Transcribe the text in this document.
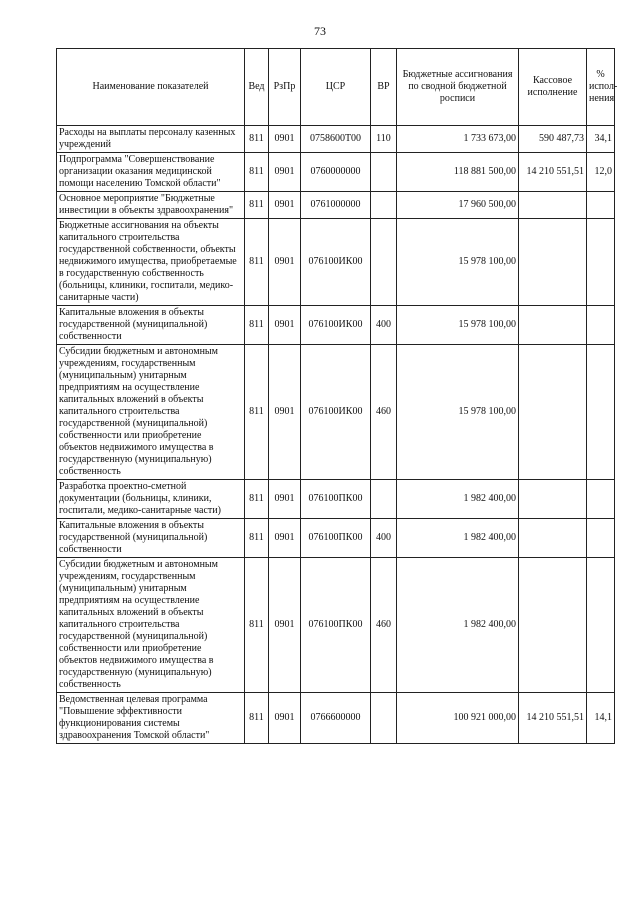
73
Наименование показателей	Вед	РзПр	ЦСР	ВР	Бюджетные ассигнования по сводной бюджетной росписи	Кассовое исполнение	% испол- нения
Расходы на выплаты персоналу казенных учреждений	811	0901	0758600Т00	110	1 733 673,00	590 487,73	34,1
Подпрограмма "Совершенствование организации оказания медицинской помощи населению Томской области"	811	0901	0760000000		118 881 500,00	14 210 551,51	12,0
Основное мероприятие "Бюджетные инвестиции в объекты здравоохранения"	811	0901	0761000000		17 960 500,00		
Бюджетные ассигнования на объекты капитального строительства государственной собственности, объекты недвижимого имущества, приобретаемые в государственную собственность (больницы, клиники, госпитали, медико-санитарные части)	811	0901	076100ИК00		15 978 100,00		
Капитальные вложения в объекты государственной (муниципальной) собственности	811	0901	076100ИК00	400	15 978 100,00		
Субсидии бюджетным и автономным учреждениям, государственным (муниципальным) унитарным предприятиям на осуществление капитальных вложений в объекты капитального строительства государственной (муниципальной) собственности или приобретение объектов недвижимого имущества в государственную (муниципальную) собственность	811	0901	076100ИК00	460	15 978 100,00		
Разработка проектно-сметной документации (больницы, клиники, госпитали, медико-санитарные части)	811	0901	076100ПК00		1 982 400,00		
Капитальные вложения в объекты государственной (муниципальной) собственности	811	0901	076100ПК00	400	1 982 400,00		
Субсидии бюджетным и автономным учреждениям, государственным (муниципальным) унитарным предприятиям на осуществление капитальных вложений в объекты капитального строительства государственной (муниципальной) собственности или приобретение объектов недвижимого имущества в государственную (муниципальную) собственность	811	0901	076100ПК00	460	1 982 400,00		
Ведомственная целевая программа "Повышение эффективности функционирования системы здравоохранения Томской области"	811	0901	0766600000		100 921 000,00	14 210 551,51	14,1
